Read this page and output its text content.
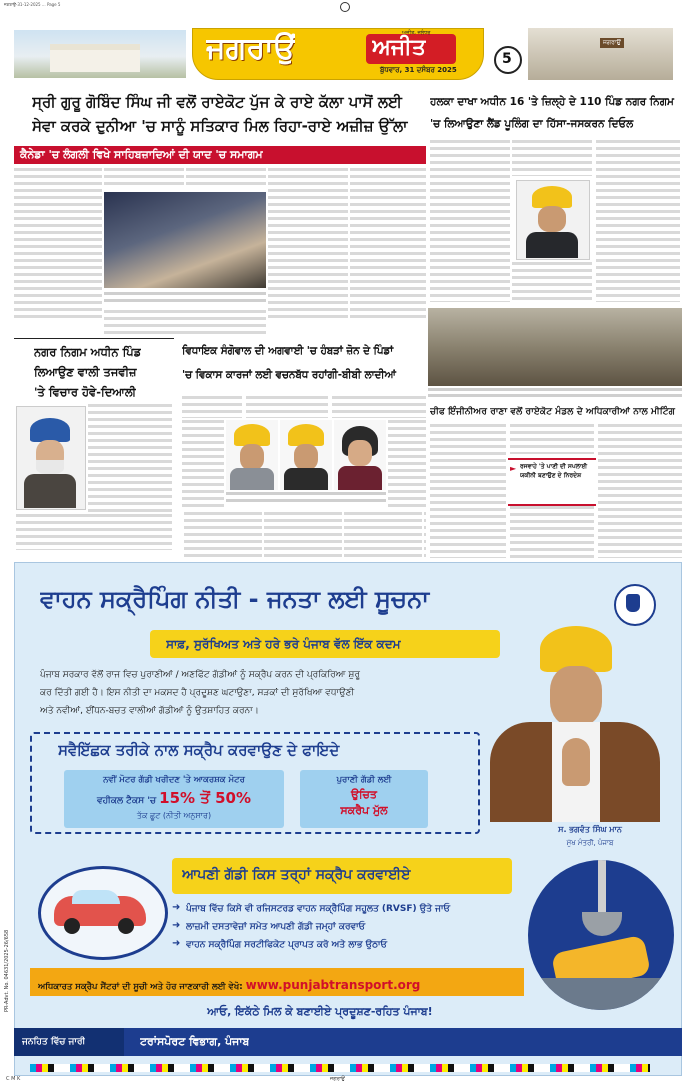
ਜਗਰਾਉਂ-31-12-2025 ... Page 5
ਜਗਰਾਉਂ	ਅਜੀਤ
ਅਜੀਤ, ਜਲੰਧਰ
ਬੁੱਧਵਾਰ, 31 ਦਸੰਬਰ 2025
5
ਜਗਰਾਉਂ
ਸ੍ਰੀ ਗੁਰੂ ਗੋਬਿੰਦ ਸਿੰਘ ਜੀ ਵਲੋਂ ਰਾਏਕੋਟ ਪੁੱਜ ਕੇ ਰਾਏ ਕੱਲਾ ਪਾਸੋਂ ਲਈ
ਸੇਵਾ ਕਰਕੇ ਦੁਨੀਆ 'ਚ ਸਾਨੂੰ ਸਤਿਕਾਰ ਮਿਲ ਰਿਹਾ-ਰਾਏ ਅਜ਼ੀਜ਼ ਉੱਲਾ
ਕੈਨੇਡਾ 'ਚ ਲੰਗਲੀ ਵਿਖੇ ਸਾਹਿਬਜ਼ਾਦਿਆਂ ਦੀ ਯਾਦ 'ਚ ਸਮਾਗਮ
ਹਲਕਾ ਦਾਖਾ ਅਧੀਨ 16 'ਤੇ ਜ਼ਿਲ੍ਹੇ ਦੇ 110 ਪਿੰਡ ਨਗਰ ਨਿਗਮ
'ਚ ਲਿਆਉਣਾ ਲੈਂਡ ਪੂਲਿੰਗ ਦਾ ਹਿੱਸਾ-ਜਸਕਰਨ ਦਿਓਲ
ਚੀਫ ਇੰਜੀਨੀਅਰ ਰਾਣਾ ਵਲੋਂ ਰਾਏਕੋਟ ਮੰਡਲ ਦੇ ਅਧਿਕਾਰੀਆਂ ਨਾਲ ਮੀਟਿੰਗ
► ਰਜਵਾਹੇ 'ਤੇ ਪਾਣੀ ਦੀ ਸਪਲਾਈ ਯਕੀਨੀ ਬਣਾਉਣ ਦੇ ਨਿਰਦੇਸ਼
ਨਗਰ ਨਿਗਮ ਅਧੀਨ ਪਿੰਡ
ਲਿਆਉਣ ਵਾਲੀ ਤਜਵੀਜ਼
'ਤੇ ਵਿਚਾਰ ਹੋਵੇ-ਦਿਆਲੀ
ਵਿਧਾਇਕ ਸੰਗੋਵਾਲ ਦੀ ਅਗਵਾਈ 'ਚ ਹੰਬੜਾਂ ਜ਼ੋਨ ਦੇ ਪਿੰਡਾਂ
'ਚ ਵਿਕਾਸ ਕਾਰਜਾਂ ਲਈ ਵਚਨਬੱਧ ਰਹਾਂਗੀ-ਬੀਬੀ ਲਾਦੀਆਂ
ਵਾਹਨ ਸਕ੍ਰੈਪਿੰਗ ਨੀਤੀ - ਜਨਤਾ ਲਈ ਸੂਚਨਾ
ਸਾਫ਼, ਸੁਰੱਖਿਅਤ ਅਤੇ ਹਰੇ ਭਰੇ ਪੰਜਾਬ ਵੱਲ ਇੱਕ ਕਦਮ
ਪੰਜਾਬ ਸਰਕਾਰ ਵੱਲੋਂ ਰਾਜ ਵਿਚ ਪੁਰਾਣੀਆਂ / ਅਣਫਿੱਟ ਗੱਡੀਆਂ ਨੂੰ ਸਕ੍ਰੈਪ ਕਰਨ ਦੀ ਪ੍ਰਕਿਰਿਆ ਸ਼ੁਰੂ
ਕਰ ਦਿੱਤੀ ਗਈ ਹੈ। ਇਸ ਨੀਤੀ ਦਾ ਮਕਸਦ ਹੈ ਪ੍ਰਦੂਸ਼ਣ ਘਟਾਉਣਾ, ਸੜਕਾਂ ਦੀ ਸੁਰੱਖਿਆ ਵਧਾਉਣੀ
ਅਤੇ ਨਵੀਆਂ, ਈਂਧਨ-ਬਚਤ ਵਾਲੀਆਂ ਗੱਡੀਆਂ ਨੂੰ ਉਤਸ਼ਾਹਿਤ ਕਰਨਾ।
ਸਵੈਇੱਛਕ ਤਰੀਕੇ ਨਾਲ ਸਕ੍ਰੈਪ ਕਰਵਾਉਣ ਦੇ ਫਾਇਦੇ
ਨਵੀਂ ਮੋਟਰ ਗੱਡੀ ਖਰੀਦਣ 'ਤੇ ਆਕਰਸ਼ਕ ਮੋਟਰ
ਵਹੀਕਲ ਟੈਕਸ 'ਚ 15% ਤੋਂ 50%
ਤੱਕ ਛੂਟ (ਨੀਤੀ ਅਨੁਸਾਰ)
ਪੁਰਾਣੀ ਗੱਡੀ ਲਈ
ਉਚਿਤ
ਸਕਰੈਪ ਮੁੱਲ
ਸ. ਭਗਵੰਤ ਸਿੰਘ ਮਾਨ
ਮੁੱਖ ਮੰਤਰੀ, ਪੰਜਾਬ
ਆਪਣੀ ਗੱਡੀ ਕਿਸ ਤਰ੍ਹਾਂ ਸਕ੍ਰੈਪ ਕਰਵਾਈਏ
➜ ਪੰਜਾਬ ਵਿੱਚ ਕਿਸੇ ਵੀ ਰਜਿਸਟਰਡ ਵਾਹਨ ਸਕ੍ਰੈਪਿੰਗ ਸਹੂਲਤ (RVSF) ਉਤੇ ਜਾਓ
➜ ਲਾਜ਼ਮੀ ਦਸਤਾਵੇਜ਼ਾਂ ਸਮੇਤ ਆਪਣੀ ਗੱਡੀ ਜਮ੍ਹਾਂ ਕਰਵਾਓ
➜ ਵਾਹਨ ਸਕ੍ਰੈਪਿੰਗ ਸਰਟੀਫਿਕੇਟ ਪ੍ਰਾਪਤ ਕਰੋ ਅਤੇ ਲਾਭ ਉਠਾਓ
ਅਧਿਕਾਰਤ ਸਕ੍ਰੈਪ ਸੈਂਟਰਾਂ ਦੀ ਸੂਚੀ ਅਤੇ ਹੋਰ ਜਾਣਕਾਰੀ ਲਈ ਵੇਖੋ: www.punjabtransport.org
ਆਓ, ਇਕੱਠੇ ਮਿਲ ਕੇ ਬਣਾਈਏ ਪ੍ਰਦੂਸ਼ਣ-ਰਹਿਤ ਪੰਜਾਬ!
ਜਨਹਿਤ ਵਿੱਚ ਜਾਰੀ	ਟਰਾਂਸਪੋਰਟ ਵਿਭਾਗ, ਪੰਜਾਬ
PR-Advt. No. 04631/2025-26/658
C M K	ਜਗਰਾਉਂ
